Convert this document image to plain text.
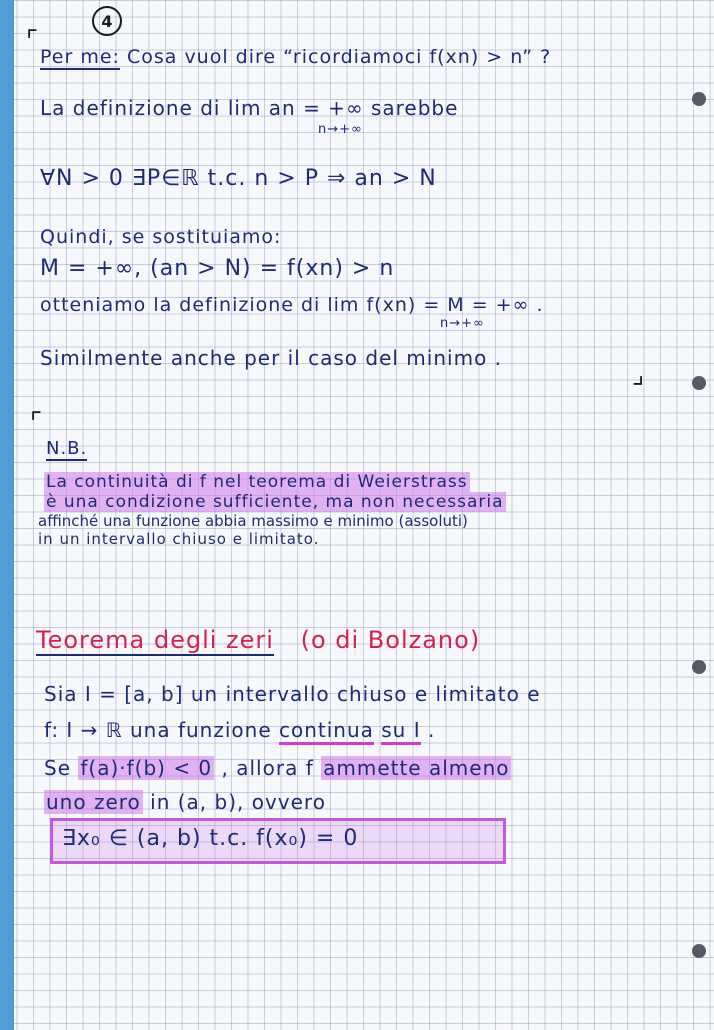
⌜
⌟
⌜
4
Per me: Cosa vuol dire “ricordiamoci f(xn) > n” ?
La definizione di lim an = +∞ sarebbe
n→+∞
∀N > 0 ∃P∈ℝ t.c. n > P ⇒ an > N
Quindi, se sostituiamo:
M = +∞, (an > N) = f(xn) > n
otteniamo la definizione di lim f(xn) = M = +∞ .
n→+∞
Similmente anche per il caso del minimo .
N.B.
La continuità di f nel teorema di Weierstrass
è una condizione sufficiente, ma non necessaria
affinché una funzione abbia massimo e minimo (assoluti)
in un intervallo chiuso e limitato.
Teorema degli zeri (o di Bolzano)
Sia I = [a, b] un intervallo chiuso e limitato e
f: I → ℝ una funzione continua su I .
Se f(a)·f(b) < 0 , allora f ammette almeno
uno zero in (a, b), ovvero
∃x₀ ∈ (a, b) t.c. f(x₀) = 0
